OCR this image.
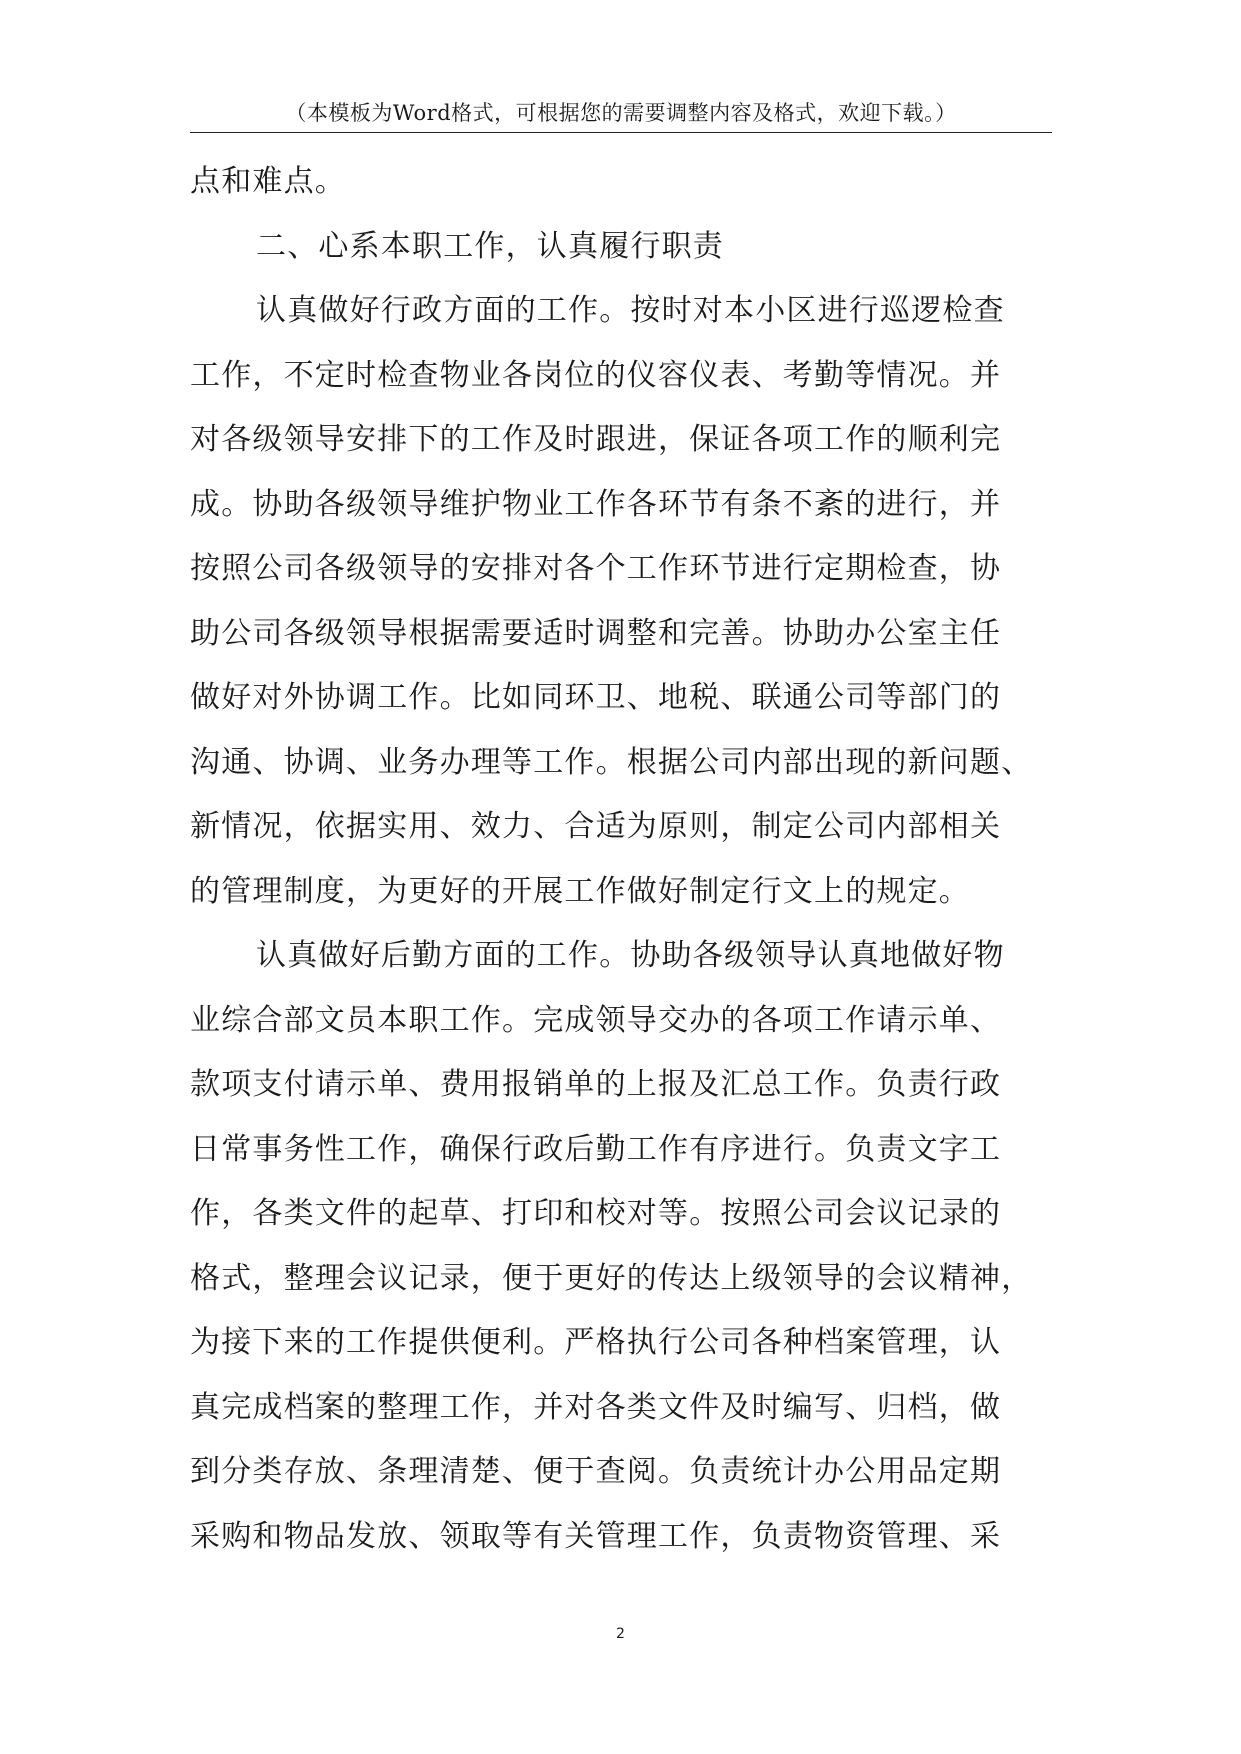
（本模板为Word格式，可根据您的需要调整内容及格式，欢迎下载。）
点和难点。
二、心系本职工作，认真履行职责
认真做好行政方面的工作。按时对本小区进行巡逻检查
工作，不定时检查物业各岗位的仪容仪表、考勤等情况。并
对各级领导安排下的工作及时跟进，保证各项工作的顺利完
成。协助各级领导维护物业工作各环节有条不紊的进行，并
按照公司各级领导的安排对各个工作环节进行定期检查，协
助公司各级领导根据需要适时调整和完善。协助办公室主任
做好对外协调工作。比如同环卫、地税、联通公司等部门的
沟通、协调、业务办理等工作。根据公司内部出现的新问题、
新情况，依据实用、效力、合适为原则，制定公司内部相关
的管理制度，为更好的开展工作做好制定行文上的规定。
认真做好后勤方面的工作。协助各级领导认真地做好物
业综合部文员本职工作。完成领导交办的各项工作请示单、
款项支付请示单、费用报销单的上报及汇总工作。负责行政
日常事务性工作，确保行政后勤工作有序进行。负责文字工
作，各类文件的起草、打印和校对等。按照公司会议记录的
格式，整理会议记录，便于更好的传达上级领导的会议精神，
为接下来的工作提供便利。严格执行公司各种档案管理，认
真完成档案的整理工作，并对各类文件及时编写、归档，做
到分类存放、条理清楚、便于查阅。负责统计办公用品定期
采购和物品发放、领取等有关管理工作，负责物资管理、采
2
